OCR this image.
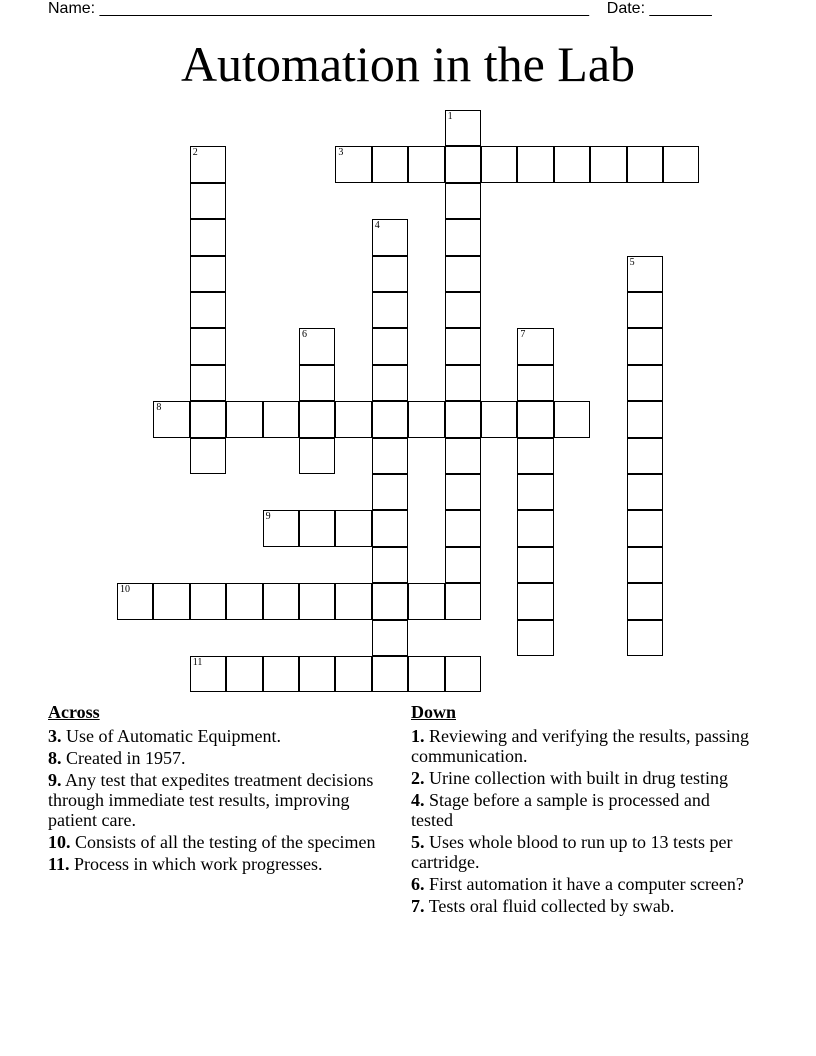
Name: _______________________________________________________ Date: _______
Automation in the Lab
1
2	3
4
5
6	7
8
9
10
11
Across
3. Use of Automatic Equipment.
8. Created in 1957.
9. Any test that expedites treatment decisions through immediate test results, improving patient care.
10. Consists of all the testing of the specimen
11. Process in which work progresses.
Down
1. Reviewing and verifying the results, passing communication.
2. Urine collection with built in drug testing
4. Stage before a sample is processed and tested
5. Uses whole blood to run up to 13 tests per cartridge.
6. First automation it have a computer screen?
7. Tests oral fluid collected by swab.
